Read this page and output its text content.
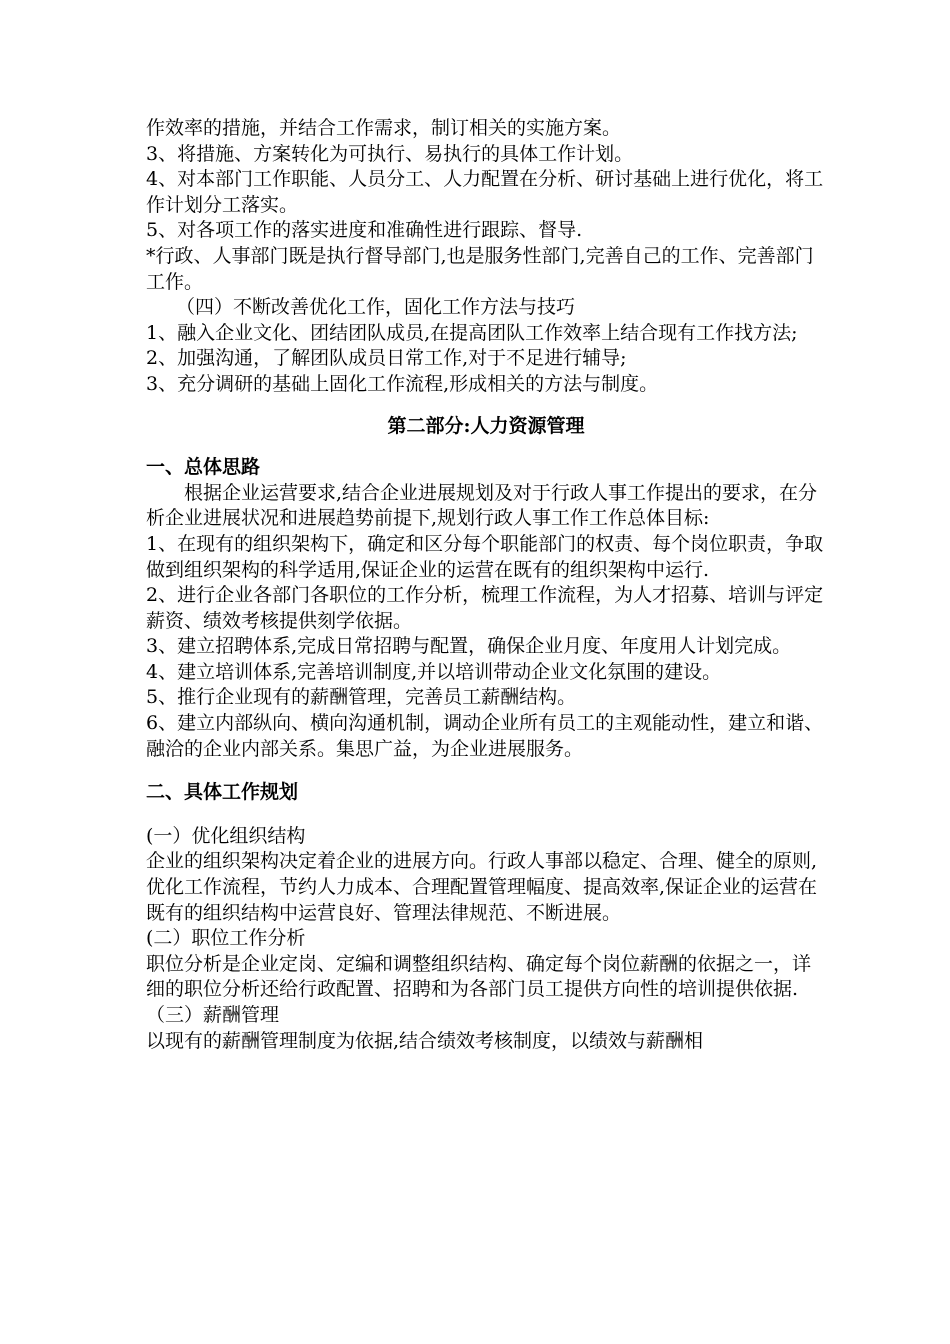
作效率的措施，并结合工作需求，制订相关的实施方案。

3、将措施、方案转化为可执行、易执行的具体工作计划。

4、对本部门工作职能、人员分工、人力配置在分析、研讨基础上进行优化，将工作计划分工落实。

5、对各项工作的落实进度和准确性进行跟踪、督导.

*行政、人事部门既是执行督导部门,也是服务性部门,完善自己的工作、完善部门工作。

（四）不断改善优化工作，固化工作方法与技巧

1、融入企业文化、团结团队成员,在提高团队工作效率上结合现有工作找方法;

2、加强沟通，了解团队成员日常工作,对于不足进行辅导;

3、充分调研的基础上固化工作流程,形成相关的方法与制度。

第二部分:人力资源管理

一、总体思路

根据企业运营要求,结合企业进展规划及对于行政人事工作提出的要求，在分析企业进展状况和进展趋势前提下,规划行政人事工作工作总体目标:

1、在现有的组织架构下，确定和区分每个职能部门的权责、每个岗位职责，争取做到组织架构的科学适用,保证企业的运营在既有的组织架构中运行.

2、进行企业各部门各职位的工作分析，梳理工作流程，为人才招募、培训与评定薪资、绩效考核提供刻学依据。

3、建立招聘体系,完成日常招聘与配置，确保企业月度、年度用人计划完成。

4、建立培训体系,完善培训制度,并以培训带动企业文化氛围的建设。

5、推行企业现有的薪酬管理，完善员工薪酬结构。

6、建立内部纵向、横向沟通机制，调动企业所有员工的主观能动性，建立和谐、融洽的企业内部关系。集思广益，为企业进展服务。

二、具体工作规划

(一）优化组织结构

企业的组织架构决定着企业的进展方向。行政人事部以稳定、合理、健全的原则,优化工作流程，节约人力成本、合理配置管理幅度、提高效率,保证企业的运营在既有的组织结构中运营良好、管理法律规范、不断进展。

(二）职位工作分析

职位分析是企业定岗、定编和调整组织结构、确定每个岗位薪酬的依据之一，详细的职位分析还给行政配置、招聘和为各部门员工提供方向性的培训提供依据.

（三）薪酬管理

以现有的薪酬管理制度为依据,结合绩效考核制度，以绩效与薪酬相
